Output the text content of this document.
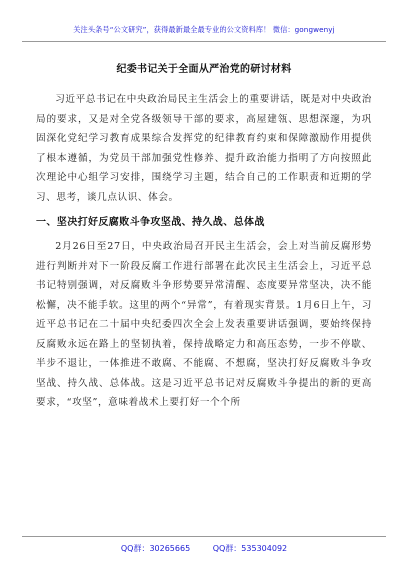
关注头条号“公文研究”，获得最新最全最专业的公文资料库！ 微信：gongwenyj
纪委书记关于全面从严治党的研讨材料

习近平总书记在中央政治局民主生活会上的重要讲话，既是对中央政治局的要求，又是对全党各级领导干部的要求，高屋建瓴、思想深邃，为巩固深化党纪学习教育成果综合发挥党的纪律教育约束和保障激励作用提供了根本遵循，为党员干部加强党性修养、提升政治能力指明了方向按照此次理论中心组学习安排，围绕学习主题，结合自己的工作职责和近期的学习、思考，谈几点认识、体会。

一、坚决打好反腐败斗争攻坚战、持久战、总体战

2月26日至27日，中央政治局召开民主生活会，会上对当前反腐形势进行判断并对下一阶段反腐工作进行部署在此次民主生活会上，习近平总书记特别强调，对反腐败斗争形势要异常清醒、态度要异常坚决，决不能松懈，决不能手软。这里的两个“异常”，有着现实背景。1月6日上午，习近平总书记在二十届中央纪委四次全会上发表重要讲话强调，要始终保持反腐败永远在路上的坚韧执着，保持战略定力和高压态势，一步不停歇、半步不退让，一体推进不敢腐、不能腐、不想腐，坚决打好反腐败斗争攻坚战、持久战、总体战。这是习近平总书记对反腐败斗争提出的新的更高要求，“攻坚”，意味着战术上要打好一个个所

QQ群：30265665	QQ群：535304092
